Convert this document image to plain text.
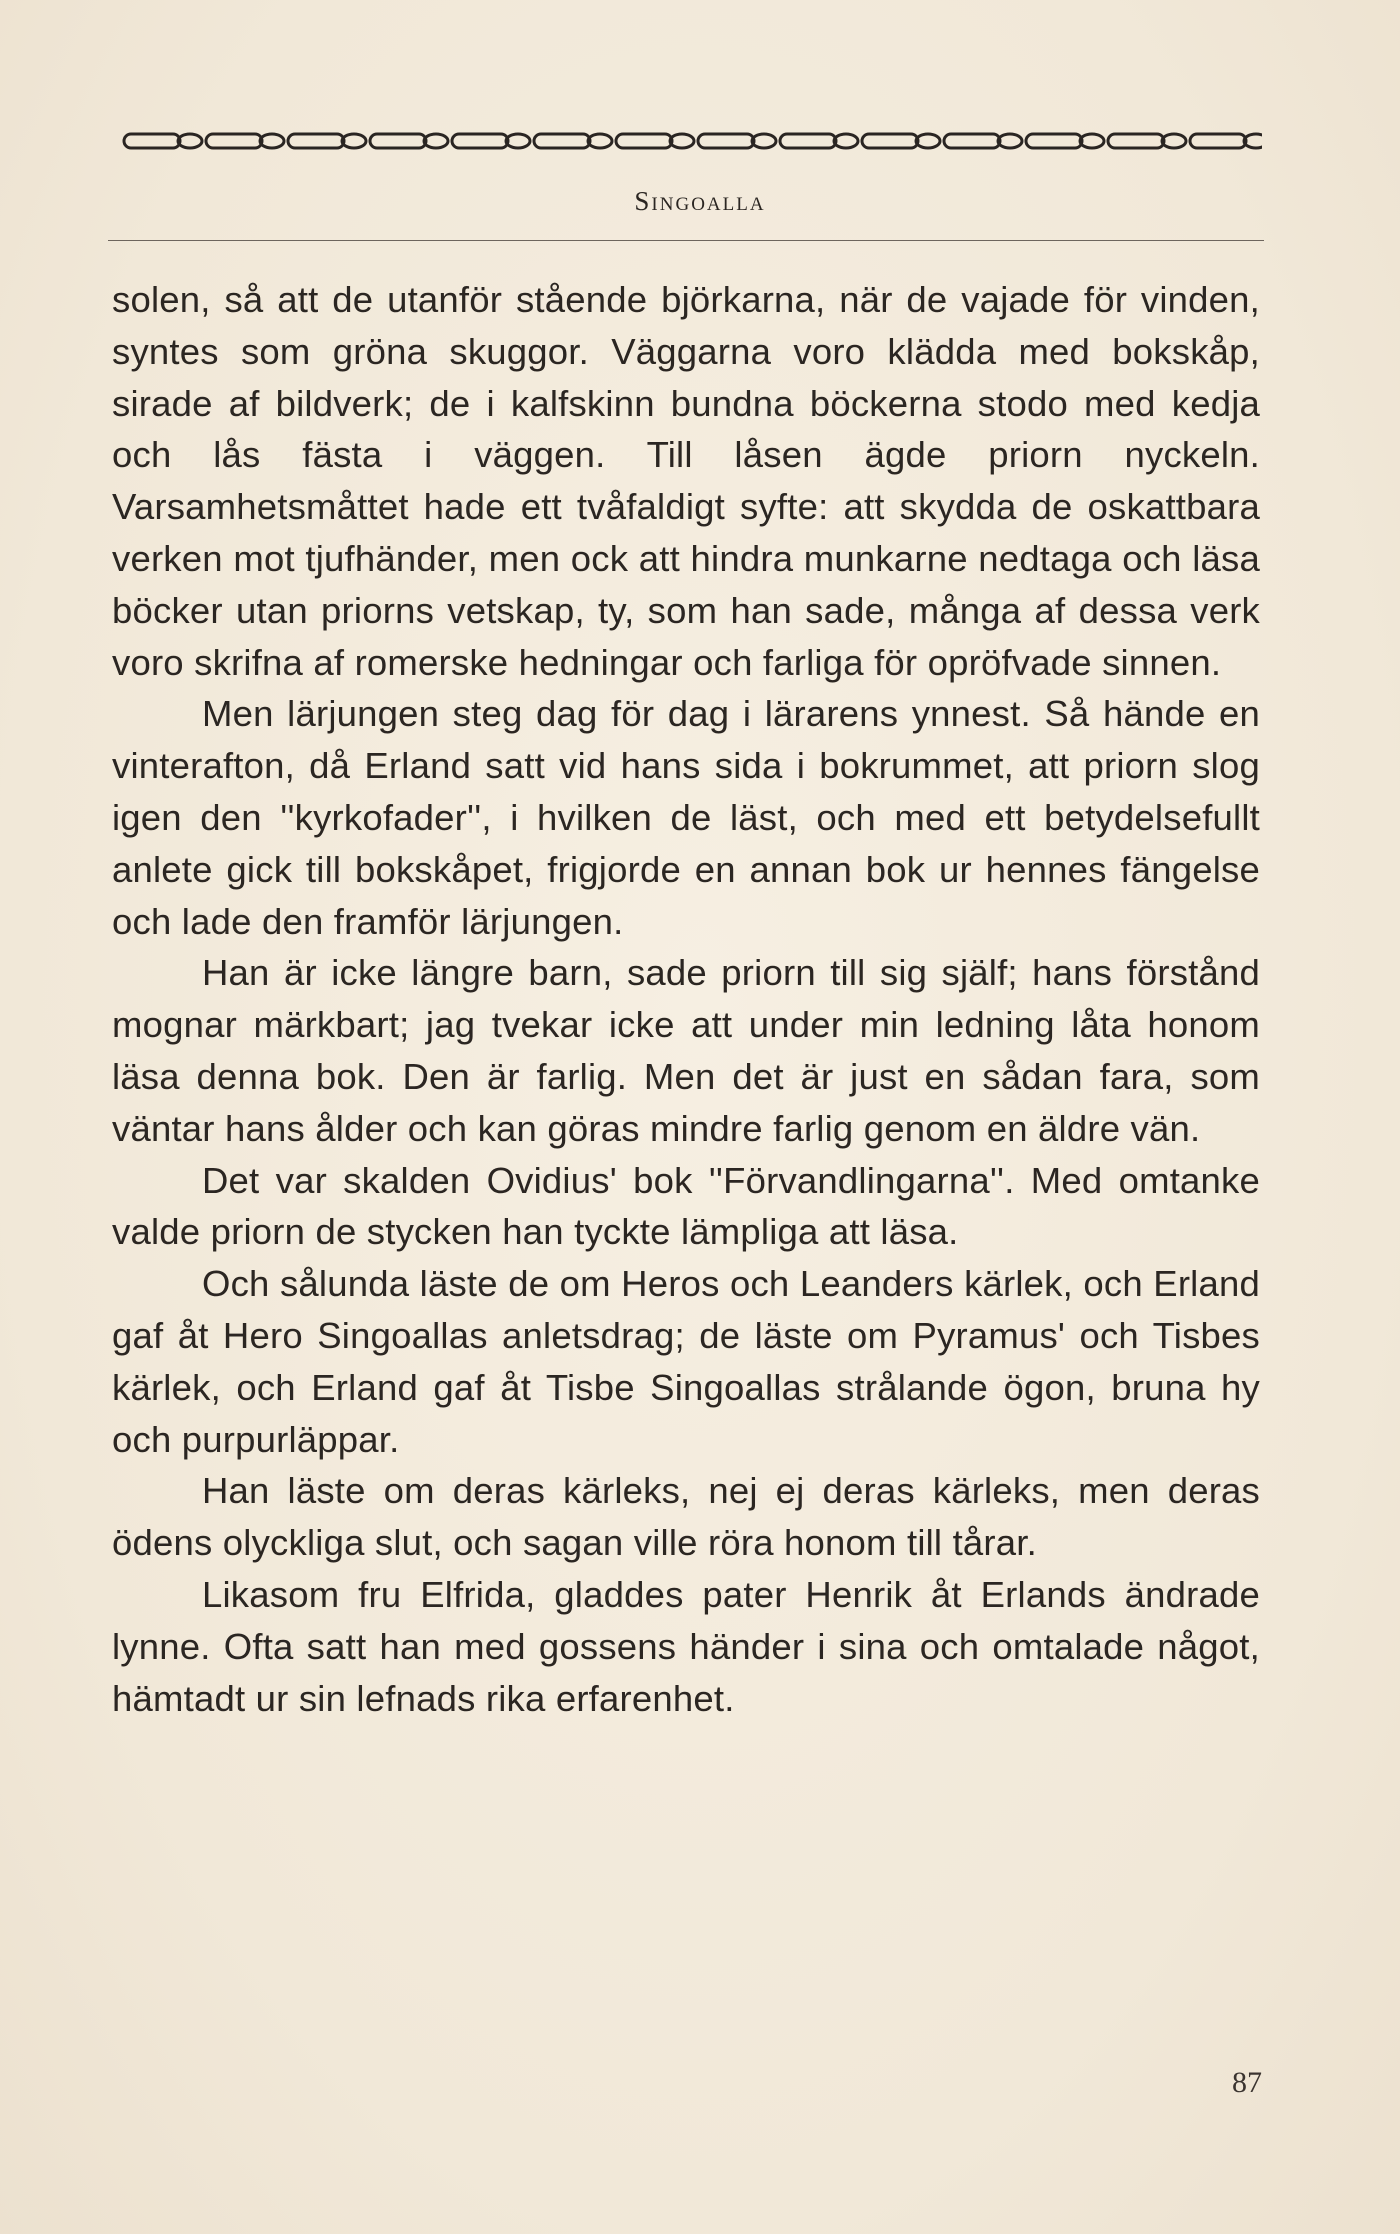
Singoalla

solen, så att de utanför stående björkarna, när de vajade för vinden, syntes som gröna skuggor. Väggarna voro klädda med bokskåp, sirade af bildverk; de i kalfskinn bundna böckerna stodo med kedja och lås fästa i väggen. Till låsen ägde priorn nyckeln. Varsamhetsmåttet hade ett tvåfaldigt syfte: att skydda de oskattbara verken mot tjufhänder, men ock att hindra munkarne nedtaga och läsa böcker utan priorns vetskap, ty, som han sade, många af dessa verk voro skrifna af romerske hedningar och farliga för opröfvade sinnen.

Men lärjungen steg dag för dag i lärarens ynnest. Så hände en vinterafton, då Erland satt vid hans sida i bokrummet, att priorn slog igen den ''kyrkofader'', i hvilken de läst, och med ett betydelsefullt anlete gick till bokskåpet, frigjorde en annan bok ur hennes fängelse och lade den framför lärjungen.

Han är icke längre barn, sade priorn till sig själf; hans förstånd mognar märkbart; jag tvekar icke att under min ledning låta honom läsa denna bok. Den är farlig. Men det är just en sådan fara, som väntar hans ålder och kan göras mindre farlig genom en äldre vän.

Det var skalden Ovidius' bok ''Förvandlingarna''. Med omtanke valde priorn de stycken han tyckte lämpliga att läsa.

Och sålunda läste de om Heros och Leanders kärlek, och Erland gaf åt Hero Singoallas anletsdrag; de läste om Pyramus' och Tisbes kärlek, och Erland gaf åt Tisbe Singoallas strålande ögon, bruna hy och purpurläppar.

Han läste om deras kärleks, nej ej deras kärleks, men deras ödens olyckliga slut, och sagan ville röra honom till tårar.

Likasom fru Elfrida, gladdes pater Henrik åt Erlands ändrade lynne. Ofta satt han med gossens händer i sina och omtalade något, hämtadt ur sin lefnads rika erfarenhet.

87
